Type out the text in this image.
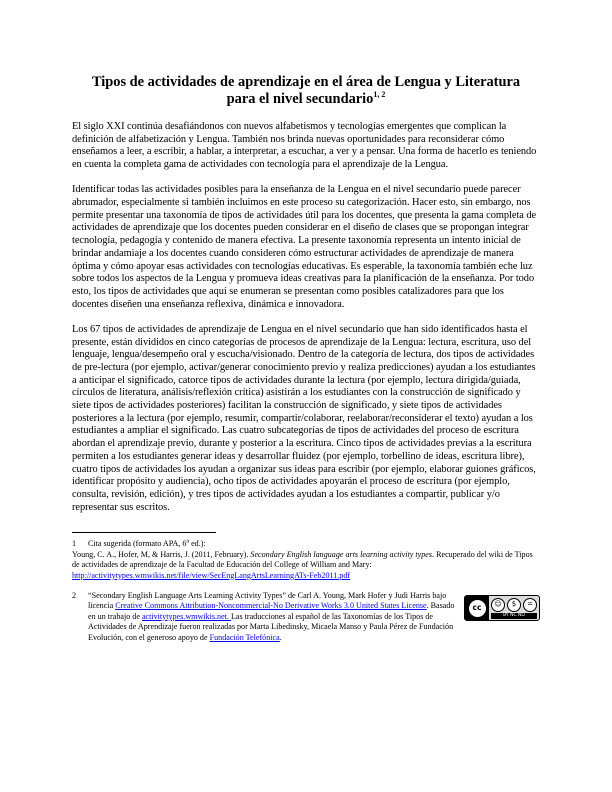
Tipos de actividades de aprendizaje en el área de Lengua y Literatura para el nivel secundario$^{1, 2}$

El siglo XXI continúa desafiándonos con nuevos alfabetismos y tecnologías emergentes que complican la definición de alfabetización y Lengua. También nos brinda nuevas oportunidades para reconsiderar cómo enseñamos a leer, a escribir, a hablar, a interpretar, a escuchar, a ver y a pensar. Una forma de hacerlo es teniendo en cuenta la completa gama de actividades con tecnología para el aprendizaje de la Lengua.

Identificar todas las actividades posibles para la enseñanza de la Lengua en el nivel secundario puede parecer abrumador, especialmente si también incluimos en este proceso su categorización. Hacer esto, sin embargo, nos permite presentar una taxonomía de tipos de actividades útil para los docentes, que presenta la gama completa de actividades de aprendizaje que los docentes pueden considerar en el diseño de clases que se propongan integrar tecnología, pedagogía y contenido de manera efectiva. La presente taxonomía representa un intento inicial de brindar andamiaje a los docentes cuando consideren cómo estructurar actividades de aprendizaje de manera óptima y cómo apoyar esas actividades con tecnologías educativas. Es esperable, la taxonomía también eche luz sobre todos los aspectos de la Lengua y promueva ideas creativas para la planificación de la enseñanza. Por todo esto, los tipos de actividades que aquí se enumeran se presentan como posibles catalizadores para que los docentes diseñen una enseñanza reflexiva, dinámica e innovadora.

Los 67 tipos de actividades de aprendizaje de Lengua en el nivel secundario que han sido identificados hasta el presente, están divididos en cinco categorías de procesos de aprendizaje de la Lengua: lectura, escritura, uso del lenguaje, lengua/desempeño oral y escucha/visionado. Dentro de la categoría de lectura, dos tipos de actividades de pre-lectura (por ejemplo, activar/generar conocimiento previo y realiza predicciones) ayudan a los estudiantes a anticipar el significado, catorce tipos de actividades durante la lectura (por ejemplo, lectura dirigida/guiada, círculos de literatura, análisis/reflexión crítica) asistirán a los estudiantes con la construcción de significado y siete tipos de actividades posteriores) facilitan la construcción de significado, y siete tipos de actividades posteriores a la lectura (por ejemplo, resumir, compartir/colaborar, reelaborar/reconsiderar el texto) ayudan a los estudiantes a ampliar el significado. Las cuatro subcategorías de tipos de actividades del proceso de escritura abordan el aprendizaje previo, durante y posterior a la escritura. Cinco tipos de actividades previas a la escritura permiten a los estudiantes generar ideas y desarrollar fluidez (por ejemplo, torbellino de ideas, escritura libre), cuatro tipos de actividades los ayudan a organizar sus ideas para escribir (por ejemplo, elaborar guiones gráficos, identificar propósito y audiencia), ocho tipos de actividades apoyarán el proceso de escritura (por ejemplo, consulta, revisión, edición), y tres tipos de actividades ayudan a los estudiantes a compartir, publicar y/o representar sus escritos.

1 Cita sugerida (formato APA, 6$^a$ ed.):
Young, C. A., Hofer, M, & Harris, J. (2011, February). Secondary English language arts learning activity types. Recuperado del wiki de Tipos de actividades de aprendizaje de la Facultad de Educación del College of William and Mary: http://activitytypes.wmwikis.net/file/view/SecEngLangArtsLearningATs-Feb2011.pdf
2 “Secondary English Language Arts Learning Activity Types” de Carl A. Young, Mark Hofer y Judi Harris bajo licencia Creative Commons Attribution-Noncommercial-No Derivative Works 3.0 United States License. Basado en un trabajo de activitytypes.wmwikis.net. Las traducciones al español de las Taxonomías de los Tipos de Actividades de Aprendizaje fueron realizadas por Marta Libedinsky, Micaela Manso y Paula Pérez de Fundación Evolución, con el generoso apoyo de Fundación Telefónica.
cc	☺	$	=
BY NC ND
